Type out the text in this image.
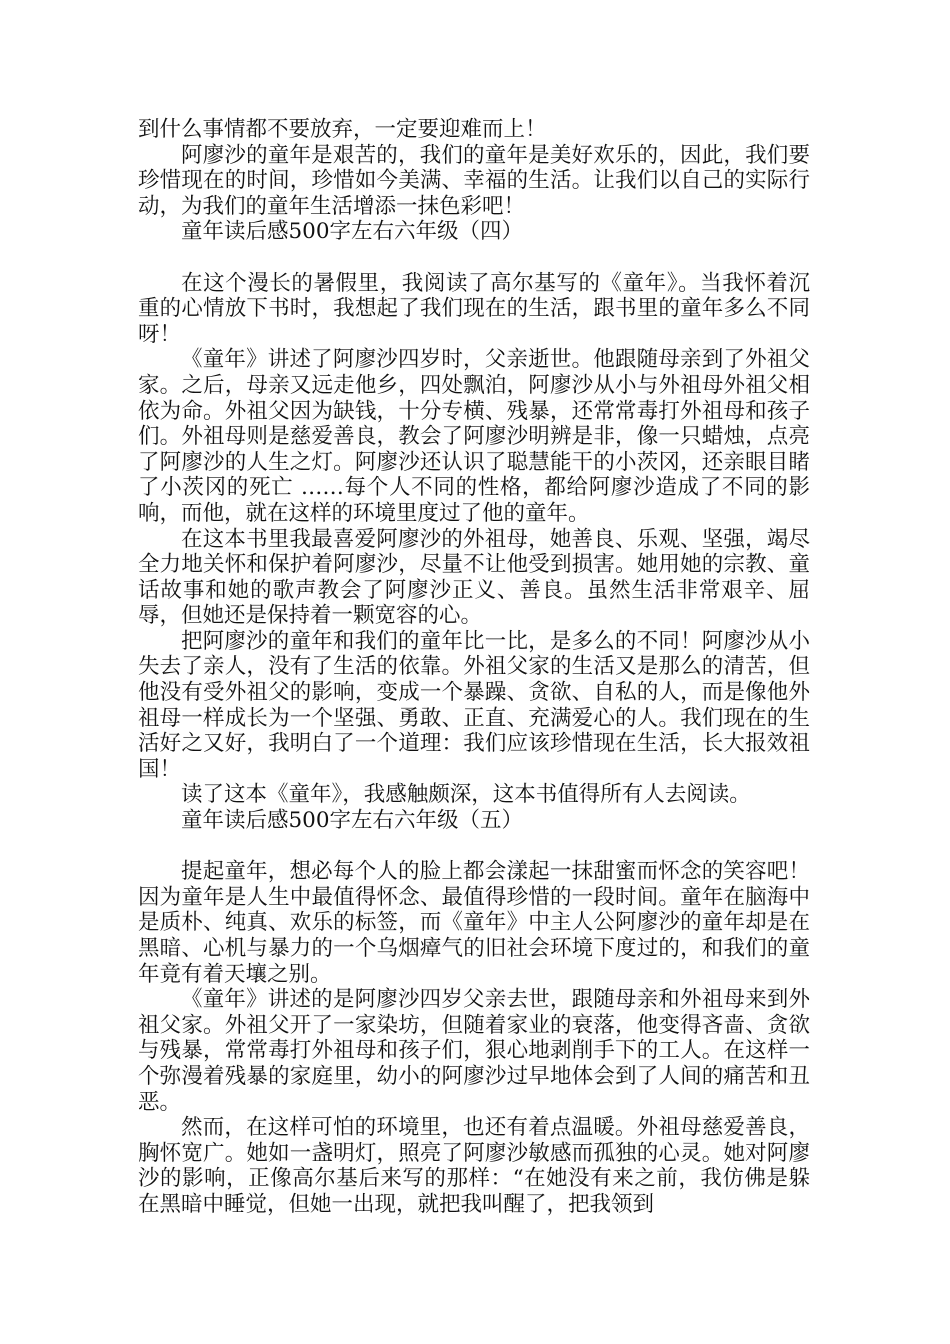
到什么事情都不要放弃，一定要迎难而上！

阿廖沙的童年是艰苦的，我们的童年是美好欢乐的，因此，我们要珍惜现在的时间，珍惜如今美满、幸福的生活。让我们以自己的实际行动，为我们的童年生活增添一抹色彩吧！

童年读后感500字左右六年级（四）

在这个漫长的暑假里，我阅读了高尔基写的《童年》。当我怀着沉重的心情放下书时，我想起了我们现在的生活，跟书里的童年多么不同呀！

《童年》讲述了阿廖沙四岁时，父亲逝世。他跟随母亲到了外祖父家。之后，母亲又远走他乡，四处飘泊，阿廖沙从小与外祖母外祖父相依为命。外祖父因为缺钱，十分专横、残暴，还常常毒打外祖母和孩子们。外祖母则是慈爱善良，教会了阿廖沙明辨是非，像一只蜡烛，点亮了阿廖沙的人生之灯。阿廖沙还认识了聪慧能干的小茨冈，还亲眼目睹了小茨冈的死亡 ……每个人不同的性格，都给阿廖沙造成了不同的影响，而他，就在这样的环境里度过了他的童年。

在这本书里我最喜爱阿廖沙的外祖母，她善良、乐观、坚强，竭尽全力地关怀和保护着阿廖沙，尽量不让他受到损害。她用她的宗教、童话故事和她的歌声教会了阿廖沙正义、善良。虽然生活非常艰辛、屈辱，但她还是保持着一颗宽容的心。

把阿廖沙的童年和我们的童年比一比，是多么的不同！阿廖沙从小失去了亲人，没有了生活的依靠。外祖父家的生活又是那么的清苦，但他没有受外祖父的影响，变成一个暴躁、贪欲、自私的人，而是像他外祖母一样成长为一个坚强、勇敢、正直、充满爱心的人。我们现在的生活好之又好，我明白了一个道理：我们应该珍惜现在生活，长大报效祖国！

读了这本《童年》，我感触颇深，这本书值得所有人去阅读。

童年读后感500字左右六年级（五）

提起童年，想必每个人的脸上都会漾起一抹甜蜜而怀念的笑容吧！因为童年是人生中最值得怀念、最值得珍惜的一段时间。童年在脑海中是质朴、纯真、欢乐的标签，而《童年》中主人公阿廖沙的童年却是在黑暗、心机与暴力的一个乌烟瘴气的旧社会环境下度过的，和我们的童年竟有着天壤之别。

《童年》讲述的是阿廖沙四岁父亲去世，跟随母亲和外祖母来到外祖父家。外祖父开了一家染坊，但随着家业的衰落，他变得吝啬、贪欲与残暴，常常毒打外祖母和孩子们，狠心地剥削手下的工人。在这样一个弥漫着残暴的家庭里，幼小的阿廖沙过早地体会到了人间的痛苦和丑恶。

然而，在这样可怕的环境里，也还有着点温暖。外祖母慈爱善良，胸怀宽广。她如一盏明灯，照亮了阿廖沙敏感而孤独的心灵。她对阿廖沙的影响，正像高尔基后来写的那样：“在她没有来之前，我仿佛是躲在黑暗中睡觉，但她一出现，就把我叫醒了，把我领到
